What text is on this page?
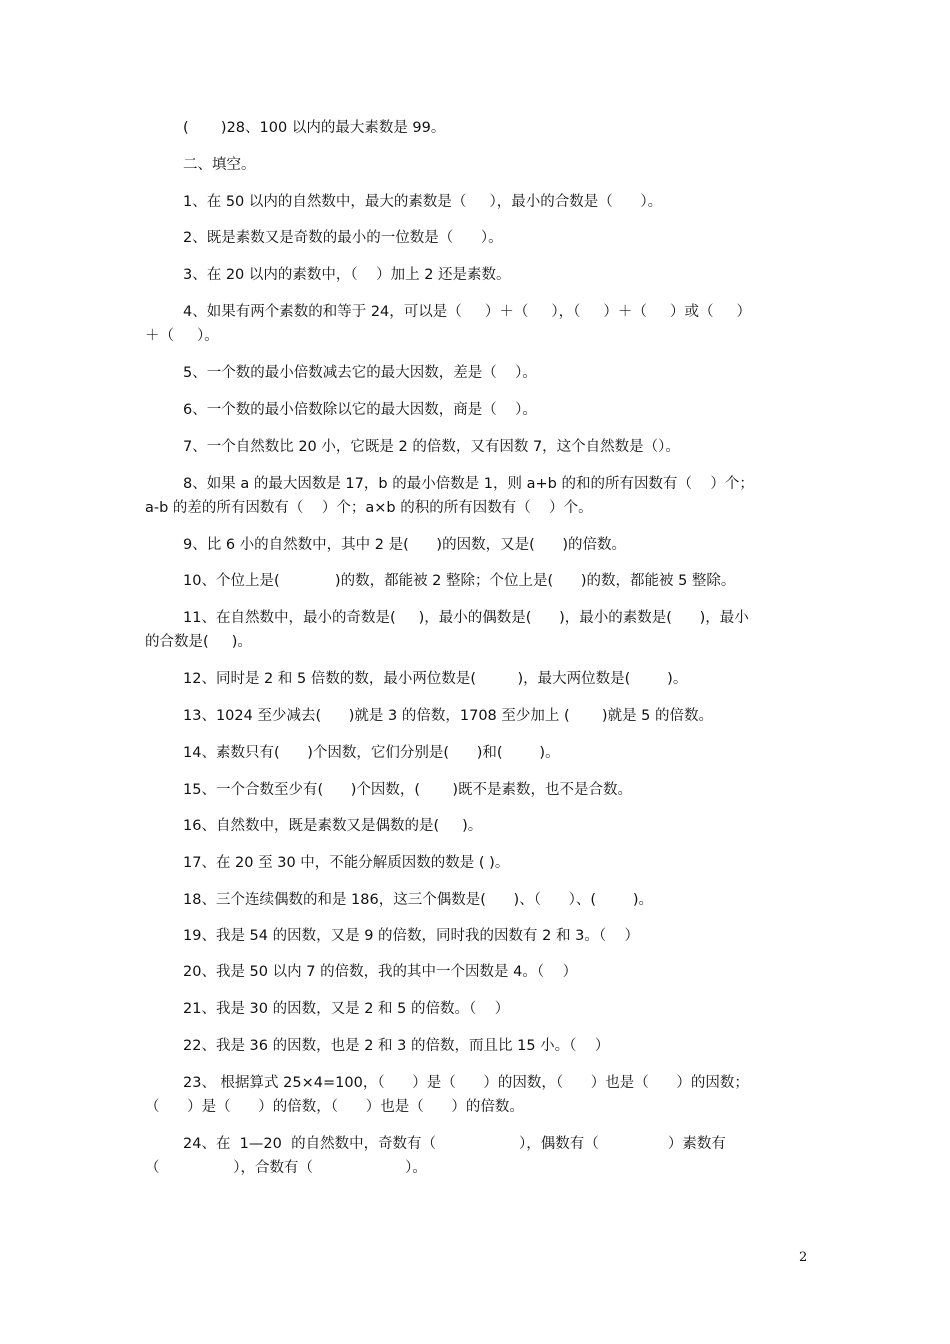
(       )28、100 以内的最大素数是 99。
二、填空。
1、在 50 以内的自然数中，最大的素数是（     ），最小的合数是（      ）。
2、既是素数又是奇数的最小的一位数是（      ）。
3、在 20 以内的素数中，（    ）加上 2 还是素数。
4、如果有两个素数的和等于 24，可以是（     ）＋（     ），（     ）＋（     ）或（     ）
＋（     ）。
5、一个数的最小倍数减去它的最大因数，差是（    ）。
6、一个数的最小倍数除以它的最大因数，商是（    ）。
7、一个自然数比 20 小，它既是 2 的倍数，又有因数 7，这个自然数是（）。
8、如果 a 的最大因数是 17，b 的最小倍数是 1，则 a+b 的和的所有因数有（    ）个；
a-b 的差的所有因数有（    ）个；a×b 的积的所有因数有（    ）个。
9、比 6 小的自然数中，其中 2 是(      )的因数，又是(      )的倍数。
10、个位上是(            )的数，都能被 2 整除；个位上是(      )的数，都能被 5 整除。
11、在自然数中，最小的奇数是(     )，最小的偶数是(      )，最小的素数是(      )，最小
的合数是(     )。
12、同时是 2 和 5 倍数的数，最小两位数是(         )，最大两位数是(        )。
13、1024 至少减去(      )就是 3 的倍数，1708 至少加上 (       )就是 5 的倍数。
14、素数只有(      )个因数，它们分别是(      )和(        )。
15、一个合数至少有(      )个因数，(       )既不是素数，也不是合数。
16、自然数中，既是素数又是偶数的是(     )。
17、在 20 至 30 中，不能分解质因数的数是 ( )。
18、三个连续偶数的和是 186，这三个偶数是(      )、（      ）、(        )。
19、我是 54 的因数，又是 9 的倍数，同时我的因数有 2 和 3。（    ）
20、我是 50 以内 7 的倍数，我的其中一个因数是 4。（    ）
21、我是 30 的因数，又是 2 和 5 的倍数。（    ）
22、我是 36 的因数，也是 2 和 3 的倍数，而且比 15 小。（    ）
23、 根据算式 25×4=100，（      ）是（      ）的因数，（      ）也是（      ）的因数；
（      ）是（      ）的倍数，（      ）也是（      ）的倍数。
24、在  1—20  的自然数中，奇数有（                  ），偶数有（               ）素数有
（                ），合数有（                    ）。
2
